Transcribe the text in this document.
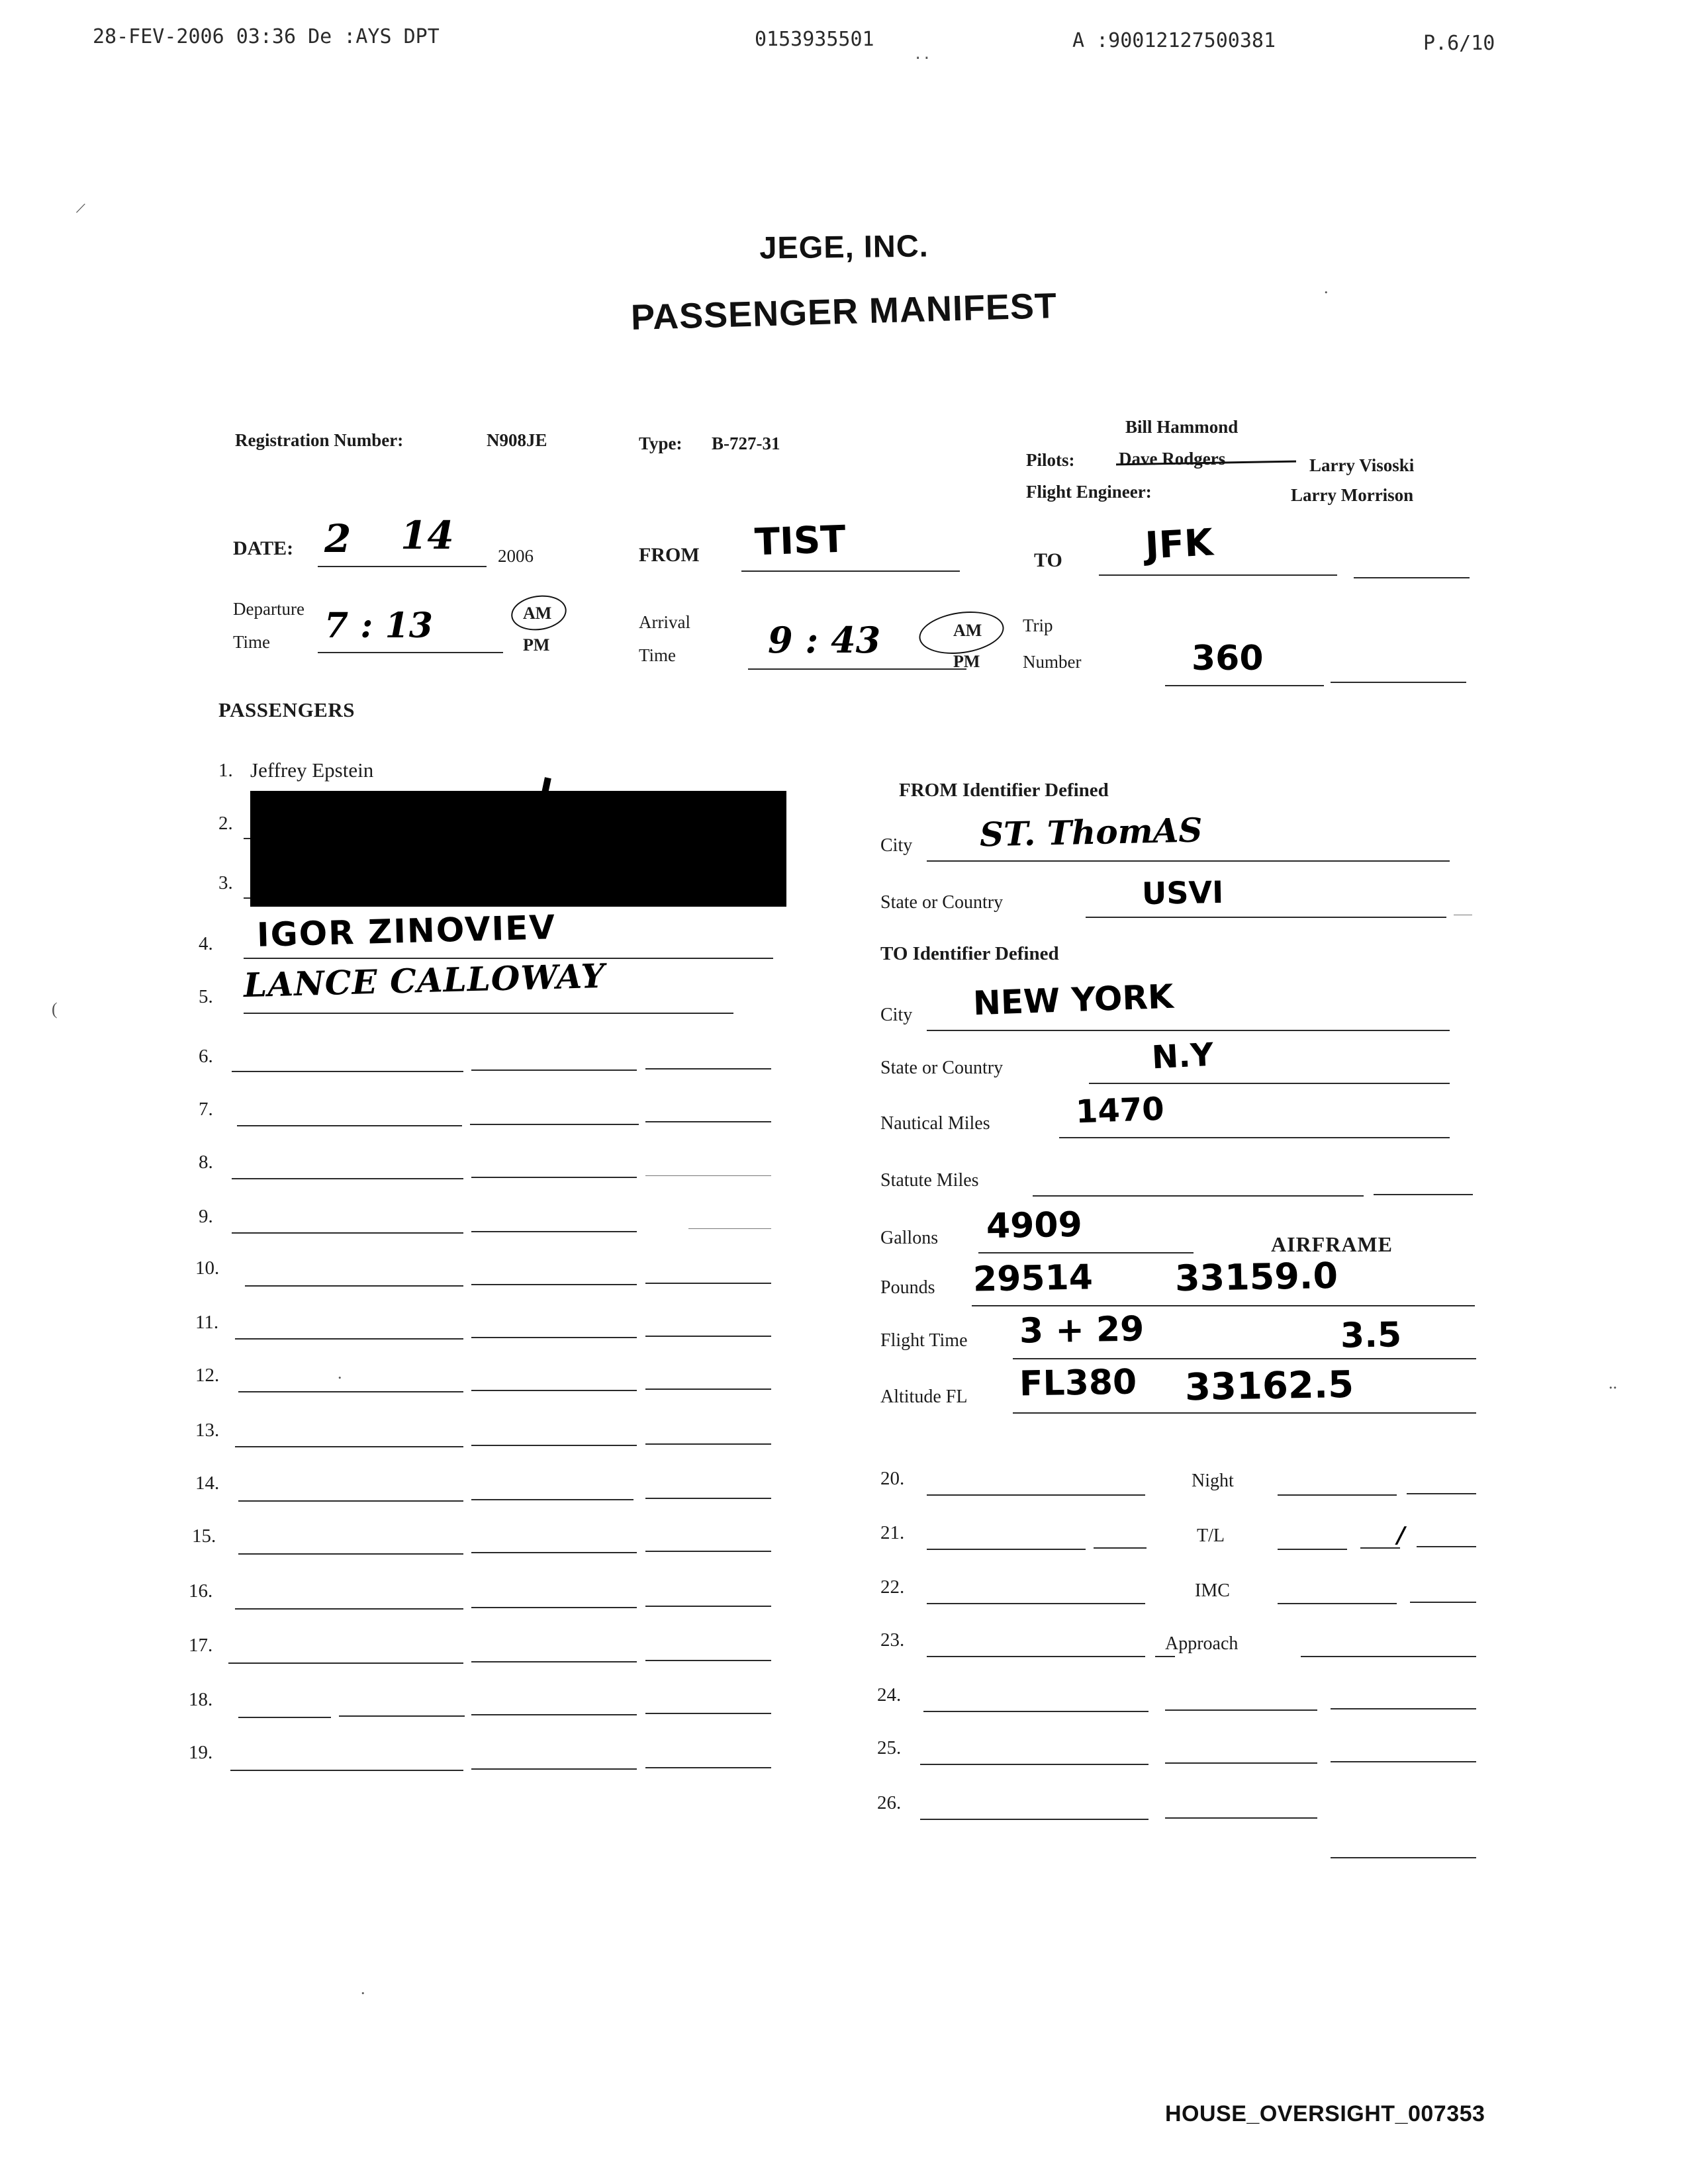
28-FEV-2006 03:36 De :AYS DPT	0153935501	A :90012127500381	P.6/10
..
/
(
.
..
.
JEGE, INC.
PASSENGER MANIFEST
Registration Number:	N908JE	Type: B-727-31
Pilots:
Bill Hammond
Dave Rodgers	Larry Visoski
Flight Engineer:	Larry Morrison
DATE: 2 14 2006	FROM TIST	TO JFK
Departure
Time 7 : 13	AM
PM
Arrival
Time	9 : 43	AM
PM
Trip
Number	360
PASSENGERS
1. Jeffrey Epstein
2.
3.
4. IGOR ZINOVIEV
5. LANCE CALLOWAY
6.
7.
8.
9.
10.
11.
12.	.
13.
14.
15.
16.
17.
18.
19.
FROM Identifier Defined
City ST. ThomAS
State or Country	USVI
TO Identifier Defined
City NEW YORK
State or Country	N.Y
Nautical Miles	1470
Statute Miles
Gallons 4909	AIRFRAME
Pounds 29514 33159.0
Flight Time 3 + 29	3.5
Altitude FL FL380 33162.5
20.	Night
21.	T/L	/
22.	IMC
23.	Approach
24.
25.
26.
HOUSE_OVERSIGHT_007353
